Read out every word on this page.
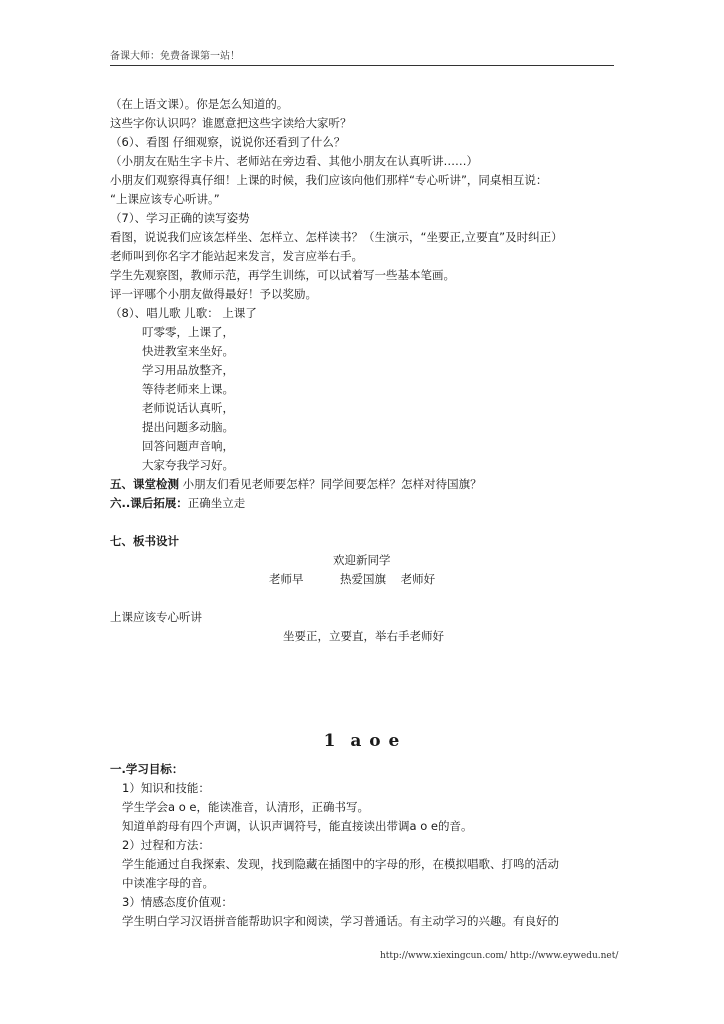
备课大师：免费备课第一站！
（在上语文课）。你是怎么知道的。
这些字你认识吗？谁愿意把这些字读给大家听？
（6）、看图 仔细观察，说说你还看到了什么？
（小朋友在贴生字卡片、老师站在旁边看、其他小朋友在认真听讲……）
小朋友们观察得真仔细！上课的时候，我们应该向他们那样“专心听讲”，同桌相互说：
“上课应该专心听讲。”
（7）、学习正确的读写姿势
看图，说说我们应该怎样坐、怎样立、怎样读书？（生演示，“坐要正,立要直”及时纠正）
老师叫到你名字才能站起来发言，发言应举右手。
学生先观察图，教师示范，再学生训练，可以试着写一些基本笔画。
评一评哪个小朋友做得最好！予以奖励。
（8）、唱儿歌 儿歌： 上课了
叮零零，上课了，
快进教室来坐好。
学习用品放整齐，
等待老师来上课。
老师说话认真听，
提出问题多动脑。
回答问题声音响，
大家夸我学习好。
五、课堂检测 小朋友们看见老师要怎样？同学间要怎样？怎样对待国旗？
六..课后拓展：正确坐立走
七、板书设计
欢迎新同学
老师早          热爱国旗    老师好
上课应该专心听讲
坐要正，立要直，举右手老师好
1  a o e
一.学习目标：
1）知识和技能：
学生学会a o e，能读准音，认清形，正确书写。
知道单韵母有四个声调，认识声调符号，能直接读出带调a o e的音。
2）过程和方法：
学生能通过自我探索、发现，找到隐藏在插图中的字母的形，在模拟唱歌、打鸣的活动
中读准字母的音。
3）情感态度价值观：
学生明白学习汉语拼音能帮助识字和阅读，学习普通话。有主动学习的兴趣。有良好的
http://www.xiexingcun.com/ http://www.eywedu.net/
